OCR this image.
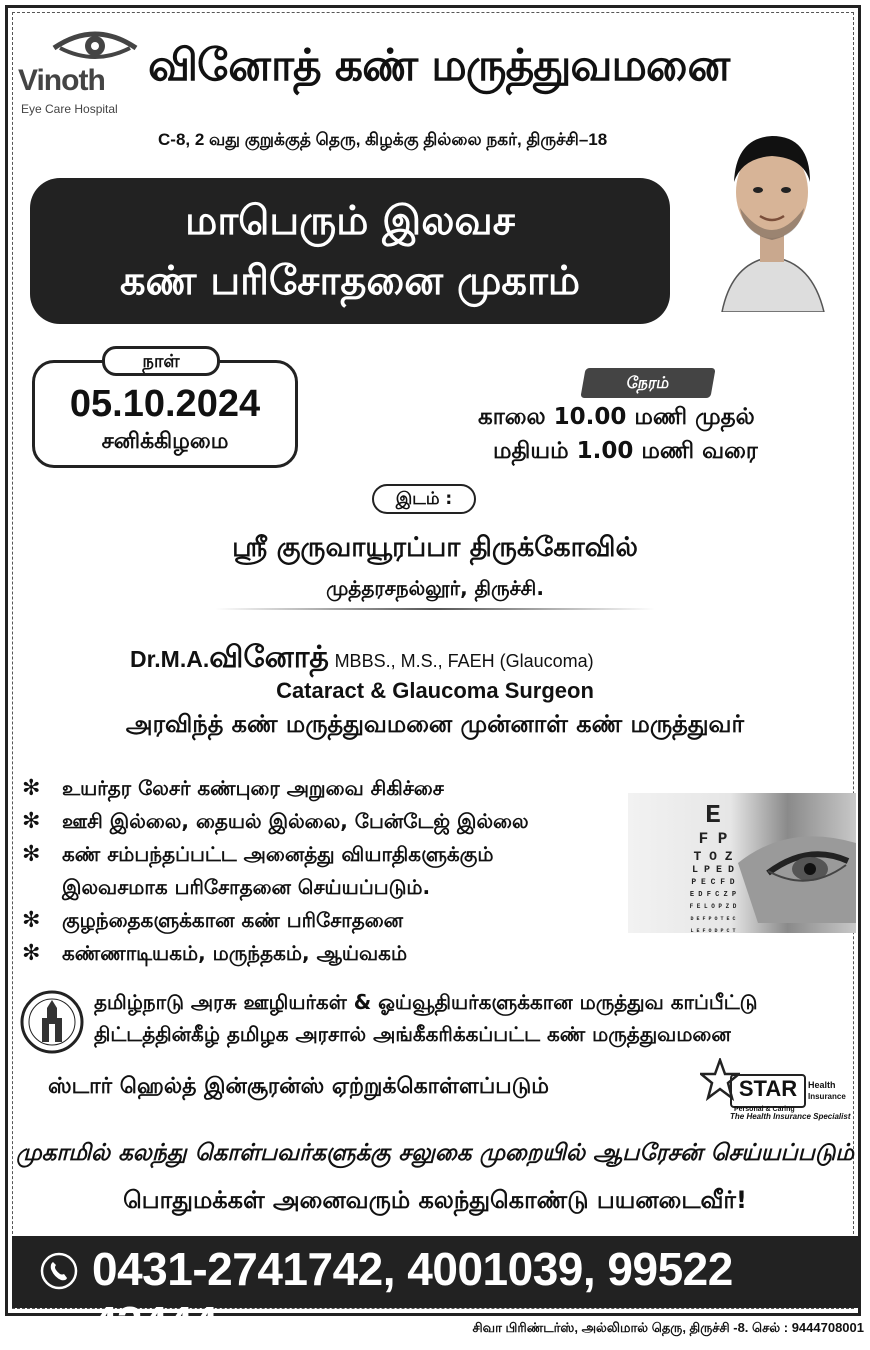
Vinoth
Eye Care Hospital
வினோத் கண் மருத்துவமனை
C-8, 2 வது குறுக்குத் தெரு, கிழக்கு தில்லை நகர், திருச்சி–18
மாபெரும் இலவச
கண் பரிசோதனை முகாம்
05.10.2024
சனிக்கிழமை
நாள்
நேரம்
காலை 10.00 மணி முதல்
மதியம் 1.00 மணி வரை
இடம் :
ஸ்ரீ குருவாயூரப்பா திருக்கோவில்
முத்தரசநல்லூர், திருச்சி.
Dr.M.A.வினோத் MBBS., M.S., FAEH (Glaucoma)
Cataract & Glaucoma Surgeon
அரவிந்த் கண் மருத்துவமனை முன்னாள் கண் மருத்துவர்
✻ உயர்தர லேசர் கண்புரை அறுவை சிகிச்சை
✻ ஊசி இல்லை, தையல் இல்லை, பேன்டேஜ் இல்லை
✻ கண் சம்பந்தப்பட்ட அனைத்து வியாதிகளுக்கும்
இலவசமாக பரிசோதனை செய்யப்படும்.
✻ குழந்தைகளுக்கான கண் பரிசோதனை
✻ கண்ணாடியகம், மருந்தகம், ஆய்வகம்
E
F P
T O Z
L P E D
P E C F D
E D F C Z P
F E L O P Z D
D E F P O T E C
L E F O D P C T
தமிழ்நாடு அரசு ஊழியர்கள் & ஓய்வூதியர்களுக்கான மருத்துவ காப்பீட்டு
திட்டத்தின்கீழ் தமிழக அரசால் அங்கீகரிக்கப்பட்ட கண் மருத்துவமனை
ஸ்டார் ஹெல்த் இன்சூரன்ஸ் ஏற்றுக்கொள்ளப்படும்	STAR
Personal & Caring
Health
Insurance
The Health Insurance Specialist
முகாமில் கலந்து கொள்பவர்களுக்கு சலுகை முறையில் ஆபரேசன் செய்யப்படும்
பொதுமக்கள் அனைவரும் கலந்துகொண்டு பயனடைவீர்!
0431-2741742, 4001039, 99522 43444	சிவா பிரிண்டர்ஸ், அல்லிமால் தெரு, திருச்சி -8. செல் : 9444708001
